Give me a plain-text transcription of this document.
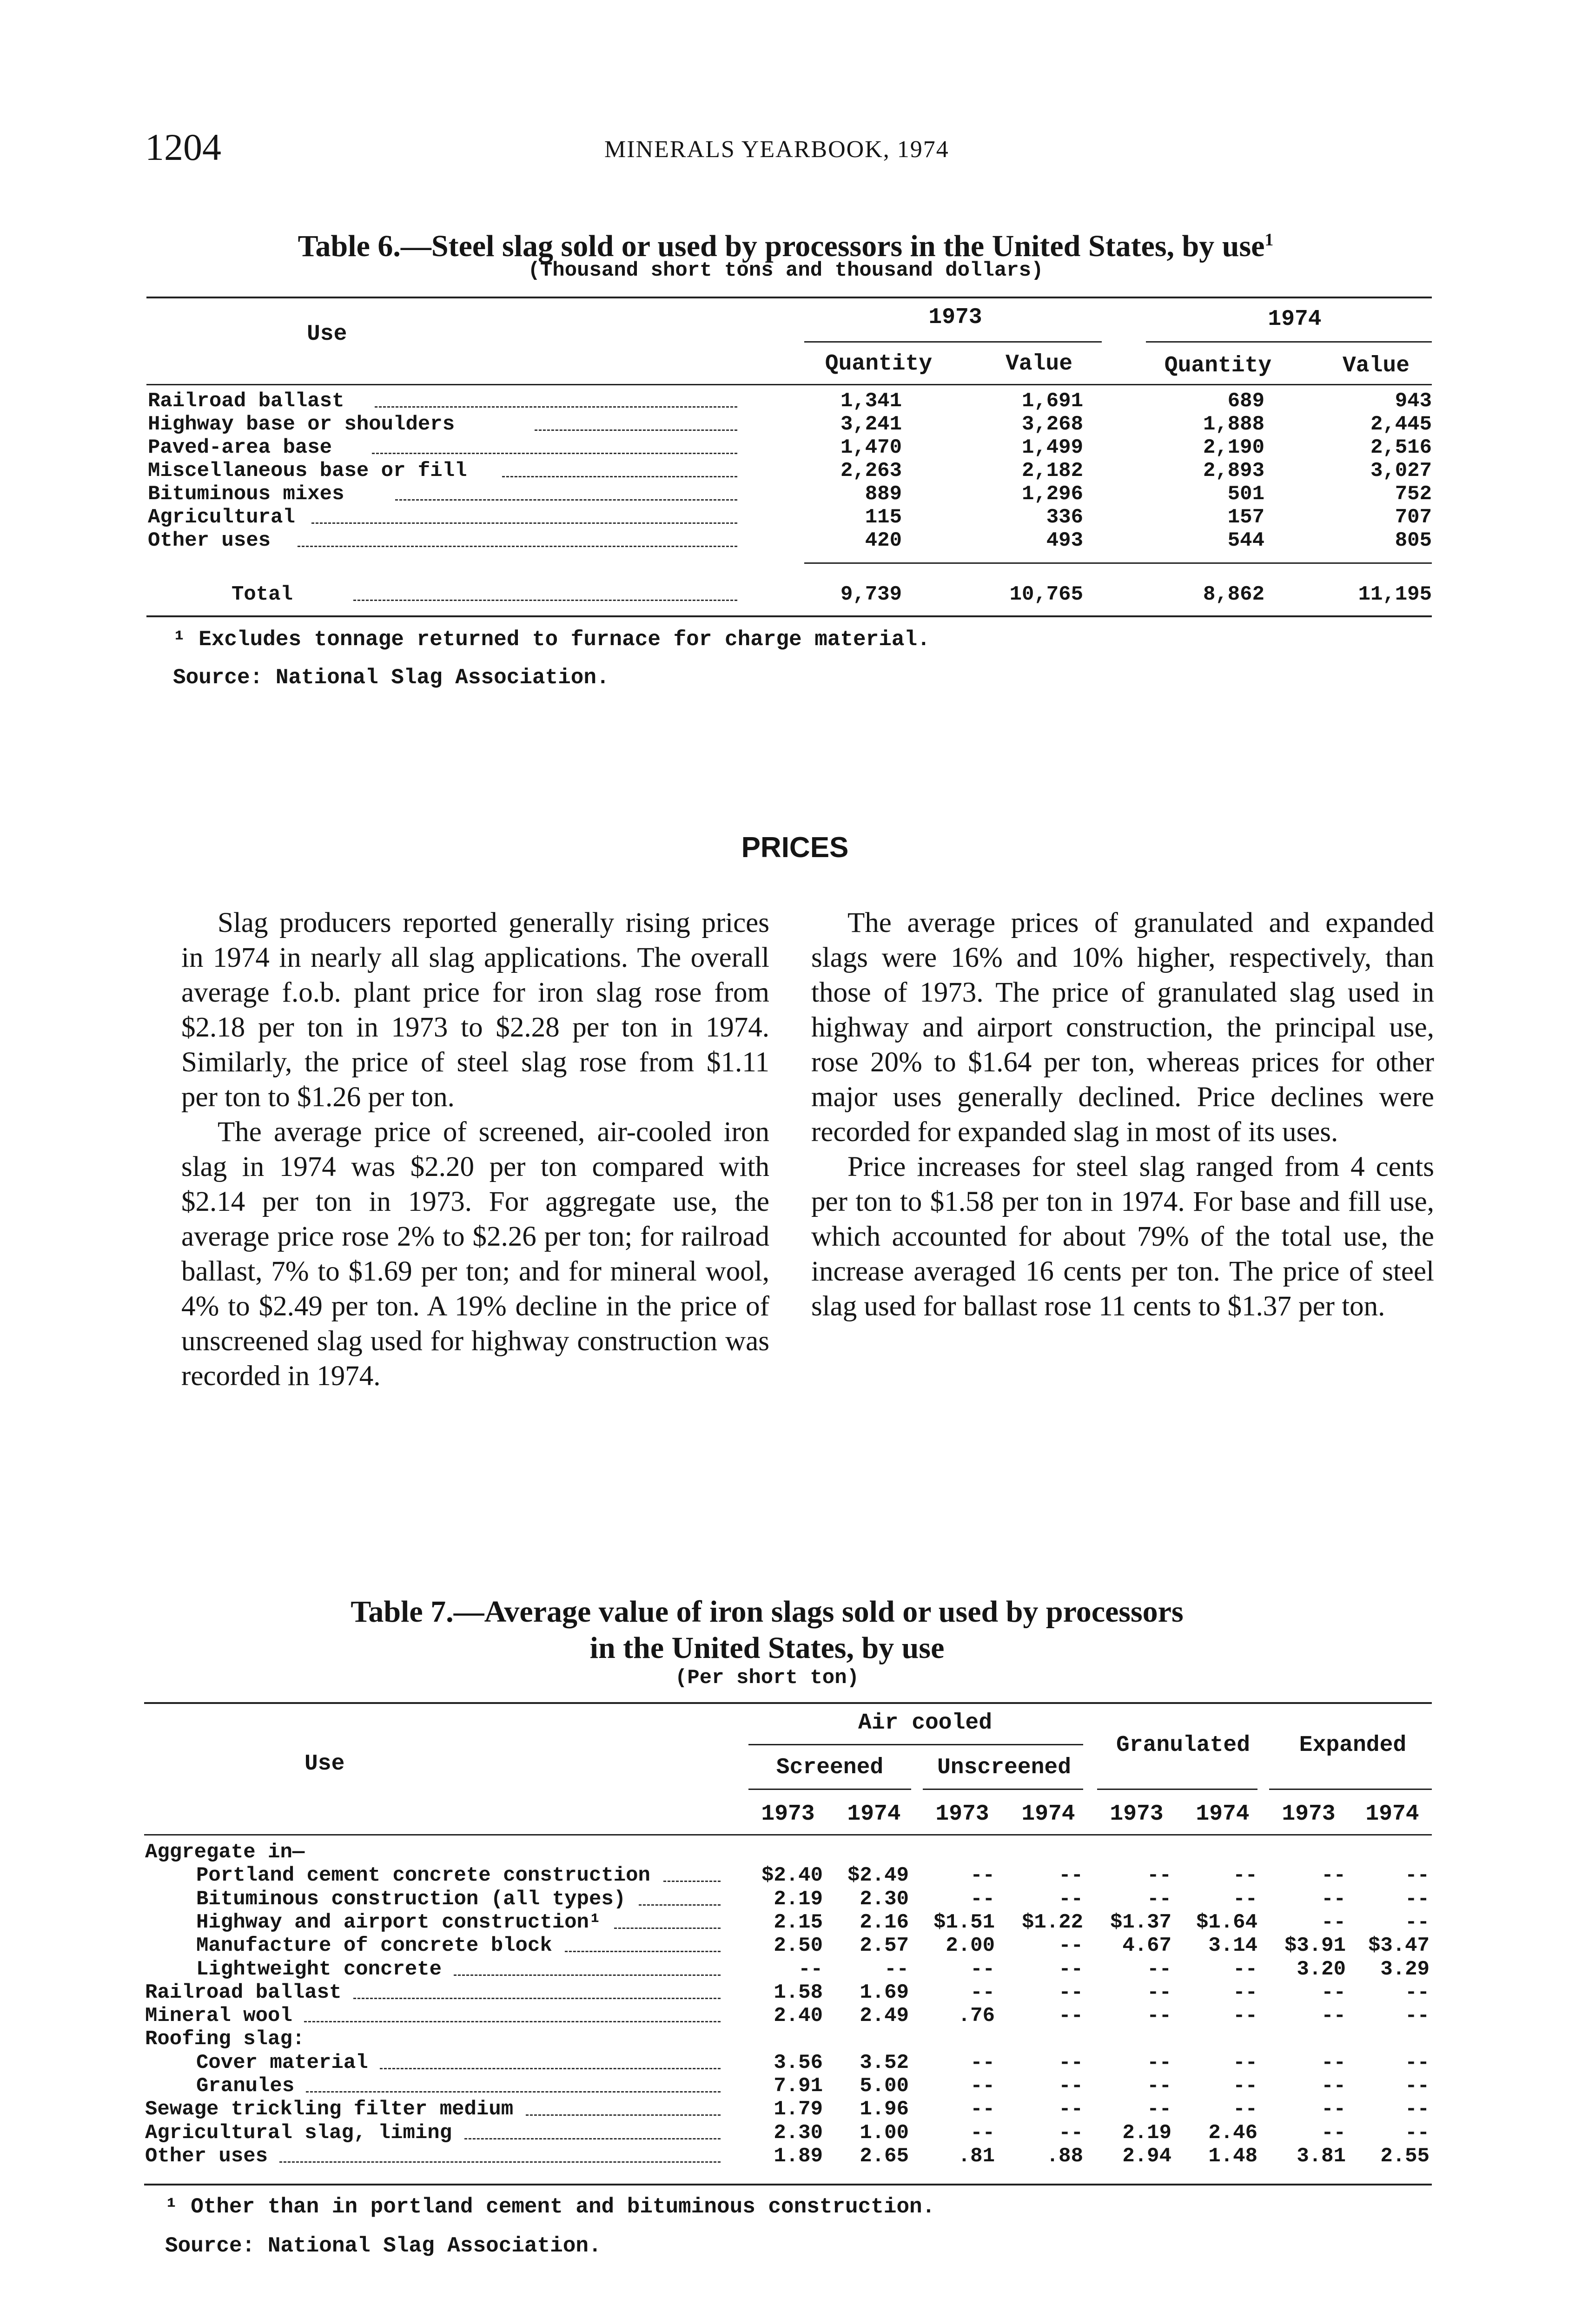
1204	MINERALS YEARBOOK, 1974
Table 6.—Steel slag sold or used by processors in the United States, by use$^1$
(Thousand short tons and thousand dollars)
Use
1973	1974
Quantity	Value	Quantity	Value
Railroad ballast	1,341	1,691	689	943
Highway base or shoulders	3,241	3,268	1,888	2,445
Paved-area base	1,470	1,499	2,190	2,516
Miscellaneous base or fill	2,263	2,182	2,893	3,027
Bituminous mixes	889	1,296	501	752
Agricultural	115	336	157	707
Other uses	420	493	544	805
Total	9,739	10,765	8,862	11,195
¹ Excludes tonnage returned to furnace for charge material.
Source: National Slag Association.
PRICES

Slag producers reported generally rising prices in 1974 in nearly all slag applications. The overall average f.o.b. plant price for iron slag rose from $2.18 per ton in 1973 to $2.28 per ton in 1974. Similarly, the price of steel slag rose from $1.11 per ton to $1.26 per ton.

The average price of screened, air-cooled iron slag in 1974 was $2.20 per ton compared with $2.14 per ton in 1973. For aggregate use, the average price rose 2% to $2.26 per ton; for railroad ballast, 7% to $1.69 per ton; and for mineral wool, 4% to $2.49 per ton. A 19% decline in the price of unscreened slag used for highway construction was recorded in 1974.

The average prices of granulated and expanded slags were 16% and 10% higher, respectively, than those of 1973. The price of granulated slag used in highway and airport construction, the principal use, rose 20% to $1.64 per ton, whereas prices for other major uses generally declined. Price declines were recorded for expanded slag in most of its uses.

Price increases for steel slag ranged from 4 cents per ton to $1.58 per ton in 1974. For base and fill use, which accounted for about 79% of the total use, the increase averaged 16 cents per ton. The price of steel slag used for ballast rose 11 cents to $1.37 per ton.

Table 7.—Average value of iron slags sold or used by processors
in the United States, by use
(Per short ton)
Use
Air cooled
Screened	Unscreened
Granulated	Expanded
1973	1974	1973	1974	1973	1974	1973	1974
Aggregate in—
Portland cement concrete construction	$2.40	$2.49	--	--	--	--	--	--
Bituminous construction (all types)	2.19	2.30	--	--	--	--	--	--
Highway and airport construction¹	2.15	2.16	$1.51	$1.22	$1.37	$1.64	--	--
Manufacture of concrete block	2.50	2.57	2.00	--	4.67	3.14	$3.91	$3.47
Lightweight concrete	--	--	--	--	--	--	3.20	3.29
Railroad ballast	1.58	1.69	--	--	--	--	--	--
Mineral wool	2.40	2.49	.76	--	--	--	--	--
Roofing slag:
Cover material	3.56	3.52	--	--	--	--	--	--
Granules	7.91	5.00	--	--	--	--	--	--
Sewage trickling filter medium	1.79	1.96	--	--	--	--	--	--
Agricultural slag, liming	2.30	1.00	--	--	2.19	2.46	--	--
Other uses	1.89	2.65	.81	.88	2.94	1.48	3.81	2.55
¹ Other than in portland cement and bituminous construction.
Source: National Slag Association.
